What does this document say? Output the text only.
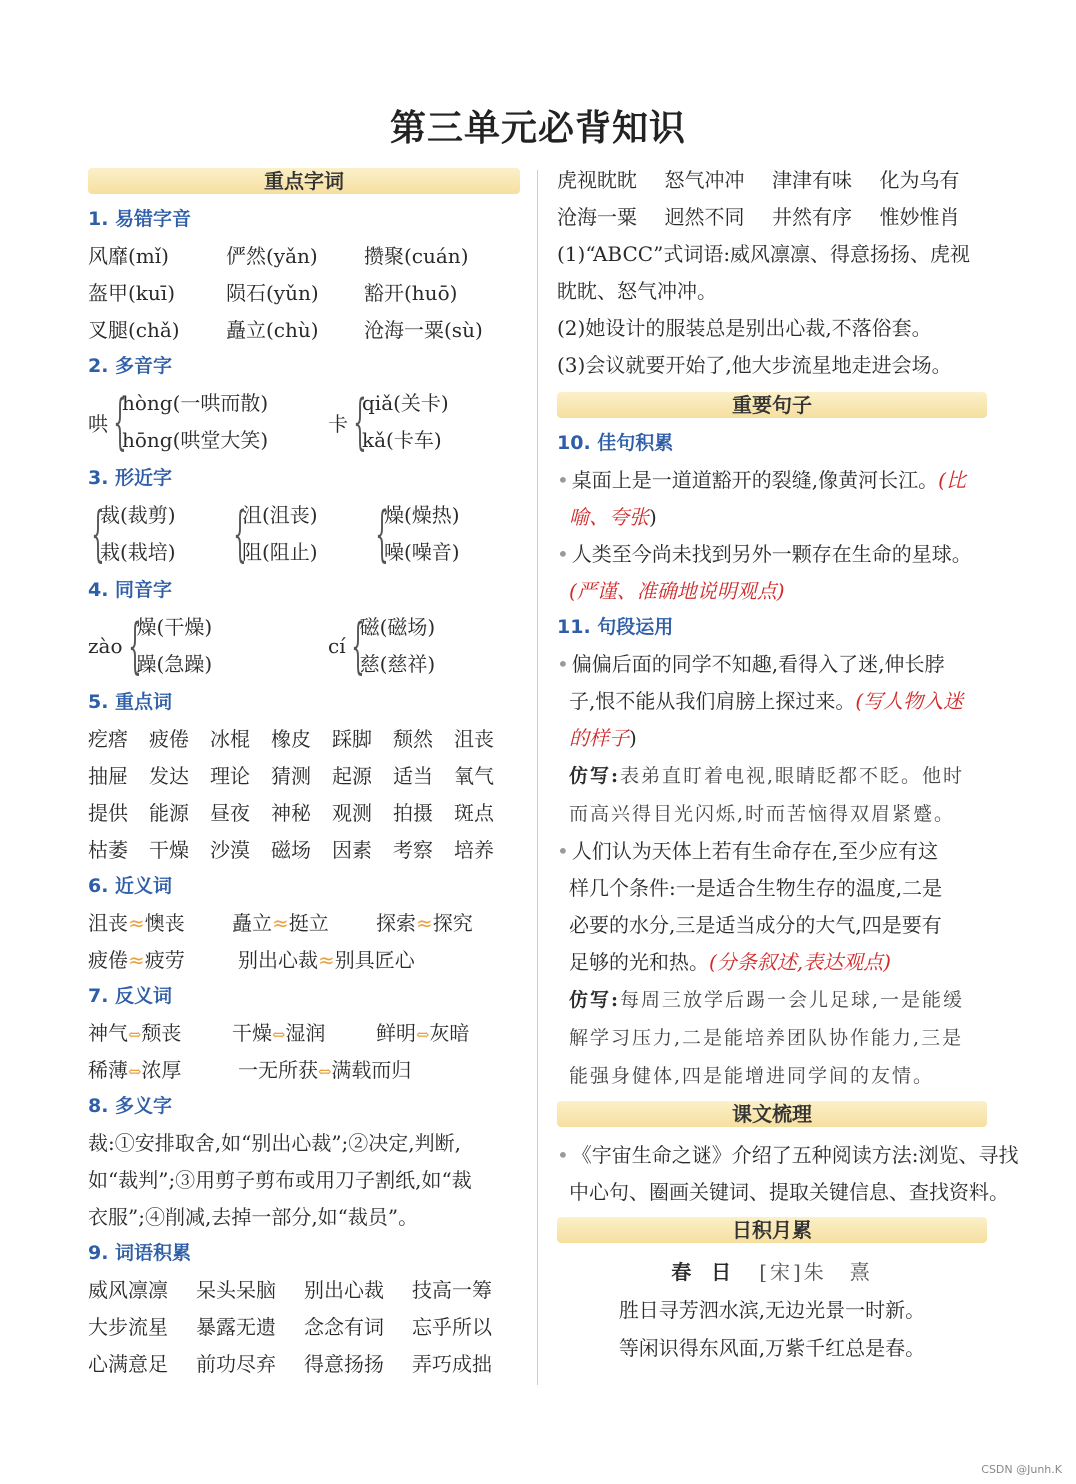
第三单元必背知识
重点字词
1. 易错字音
风靡(mǐ)	俨然(yǎn)	攒聚(cuán)
盔甲(kuī)	陨石(yǔn)	豁开(huō)
叉腿(chǎ)	矗立(chù)	沧海一粟(sù)
2. 多音字
哄 {
hòng(一哄而散)
hōng(哄堂大笑)
卡 {
qiǎ(关卡)
kǎ(卡车)
3. 形近字
{
裁(裁剪)
栽(栽培) {
沮(沮丧)
阻(阻止) {
燥(燥热)
噪(噪音)
4. 同音字
zào {
燥(干燥)
躁(急躁)
cí {
磁(磁场)
慈(慈祥)
5. 重点词
疙瘩	疲倦	冰棍	橡皮	踩脚	颓然	沮丧
抽屉	发达	理论	猜测	起源	适当	氧气
提供	能源	昼夜	神秘	观测	拍摄	斑点
枯萎	干燥	沙漠	磁场	因素	考察	培养
6. 近义词
沮丧≈懊丧	矗立≈挺立	探索≈探究
疲倦≈疲劳	别出心裁≈别具匠心
7. 反义词
神气⇔颓丧	干燥⇔湿润	鲜明⇔灰暗
稀薄⇔浓厚	一无所获⇔满载而归
8. 多义字
裁:①安排取舍,如“别出心裁”;②决定,判断,
如“裁判”;③用剪子剪布或用刀子割纸,如“裁
衣服”;④削减,去掉一部分,如“裁员”。
9. 词语积累
威风凛凛	呆头呆脑	别出心裁	技高一筹
大步流星	暴露无遗	念念有词	忘乎所以
心满意足	前功尽弃	得意扬扬	弄巧成拙
虎视眈眈	怒气冲冲	津津有味	化为乌有
沧海一粟	迥然不同	井然有序	惟妙惟肖
(1)“ABCC”式词语:威风凛凛、得意扬扬、虎视
眈眈、怒气冲冲。
(2)她设计的服装总是别出心裁,不落俗套。
(3)会议就要开始了,他大步流星地走进会场。
重要句子
10. 佳句积累
• 桌面上是一道道豁开的裂缝,像黄河长江。(比
喻、夸张)
• 人类至今尚未找到另外一颗存在生命的星球。
(严谨、准确地说明观点)
11. 句段运用
• 偏偏后面的同学不知趣,看得入了迷,伸长脖
子,恨不能从我们肩膀上探过来。(写人物入迷
的样子)
仿写:表弟直盯着电视,眼睛眨都不眨。他时
而高兴得目光闪烁,时而苦恼得双眉紧蹙。
• 人们认为天体上若有生命存在,至少应有这
样几个条件:一是适合生物生存的温度,二是
必要的水分,三是适当成分的大气,四是要有
足够的光和热。(分条叙述,表达观点)
仿写:每周三放学后踢一会儿足球,一是能缓
解学习压力,二是能培养团队协作能力,三是
能强身健体,四是能增进同学间的友情。
课文梳理
• 《宇宙生命之谜》介绍了五种阅读方法:浏览、寻找
中心句、圈画关键词、提取关键信息、查找资料。
日积月累
春　日 [宋]朱　熹
胜日寻芳泗水滨,无边光景一时新。
等闲识得东风面,万紫千红总是春。
CSDN @Junh.K
